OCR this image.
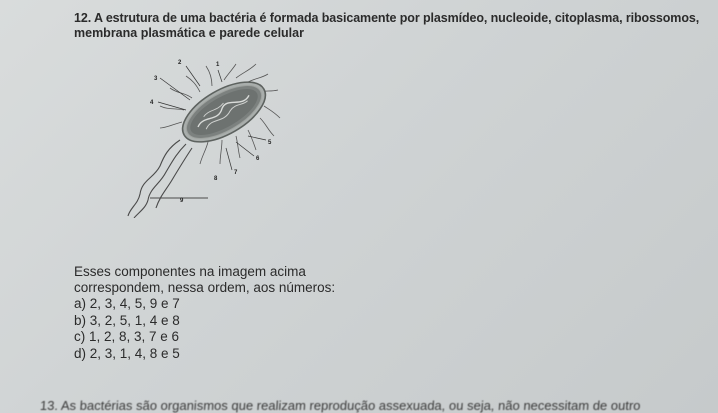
12. A estrutura de uma bactéria é formada basicamente por plasmídeo, nucleoide, citoplasma, ribossomos,
membrana plasmática e parede celular
1
2
3
4
5
6
7
8
9
Esses componentes na imagem acima
correspondem, nessa ordem, aos números:
a) 2, 3, 4, 5, 9 e 7
b) 3, 2, 5, 1, 4 e 8
c) 1, 2, 8, 3, 7 e 6
d) 2, 3, 1, 4, 8 e 5
13. As bactérias são organismos que realizam reprodução assexuada, ou seja, não necessitam de outro
